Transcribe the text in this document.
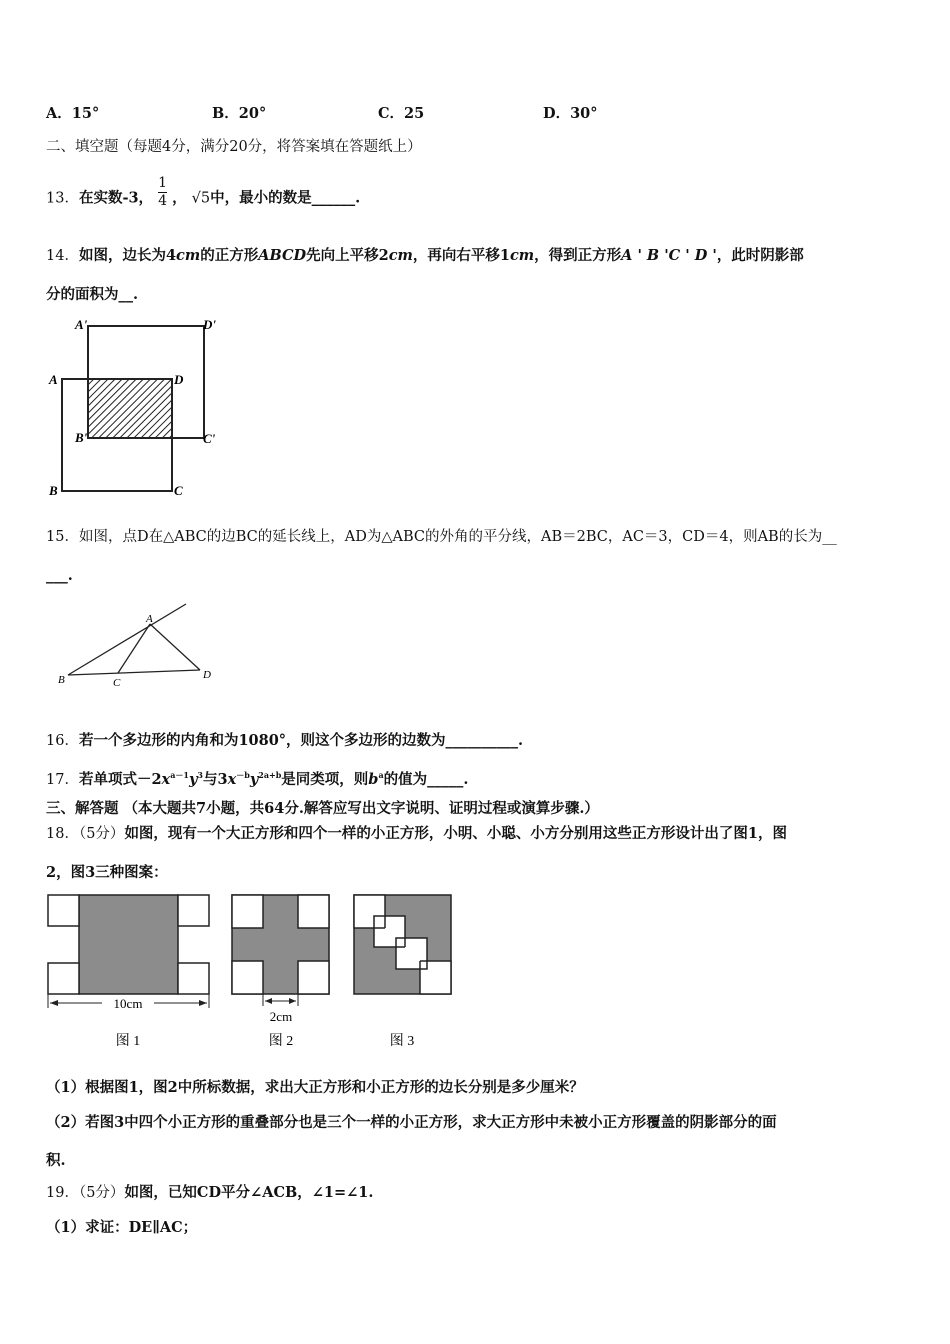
A．15°	B．20°	C．25	D．30°
二、填空题（每题4分，满分20分，将答案填在答题纸上）
13．在实数-3， $\frac{1}{4}$ ， √5中，最小的数是______.
14．如图，边长为4cm的正方形ABCD先向上平移2cm，再向右平移1cm，得到正方形A ' B 'C ' D '，此时阴影部
分的面积为__.
A'	D'
A	D
B'	C'
B	C
15．如图，点D在△ABC的边BC的延长线上，AD为△ABC的外角的平分线，AB＝2BC，AC＝3，CD＝4，则AB的长为__
___.
A
B	C
D
16．若一个多边形的内角和为1080°，则这个多边形的边数为__________.
17．若单项式$-2x^{a-1}y^3$与$3x^{-b}y^{2a+b}$是同类项，则$b^a$的值为_____.
三、解答题 （本大题共7小题，共64分.解答应写出文字说明、证明过程或演算步骤.）
18．（5分）如图，现有一个大正方形和四个一样的小正方形，小明、小聪、小方分别用这些正方形设计出了图1，图
2，图3三种图案：
10cm
图 1
2cm
图 2	图 3
（1）根据图1，图2中所标数据，求出大正方形和小正方形的边长分别是多少厘米？
（2）若图3中四个小正方形的重叠部分也是三个一样的小正方形，求大正方形中未被小正方形覆盖的阴影部分的面
积.
19．（5分）如图，已知CD平分∠ACB，∠1=∠1.
（1）求证：DE∥AC；
